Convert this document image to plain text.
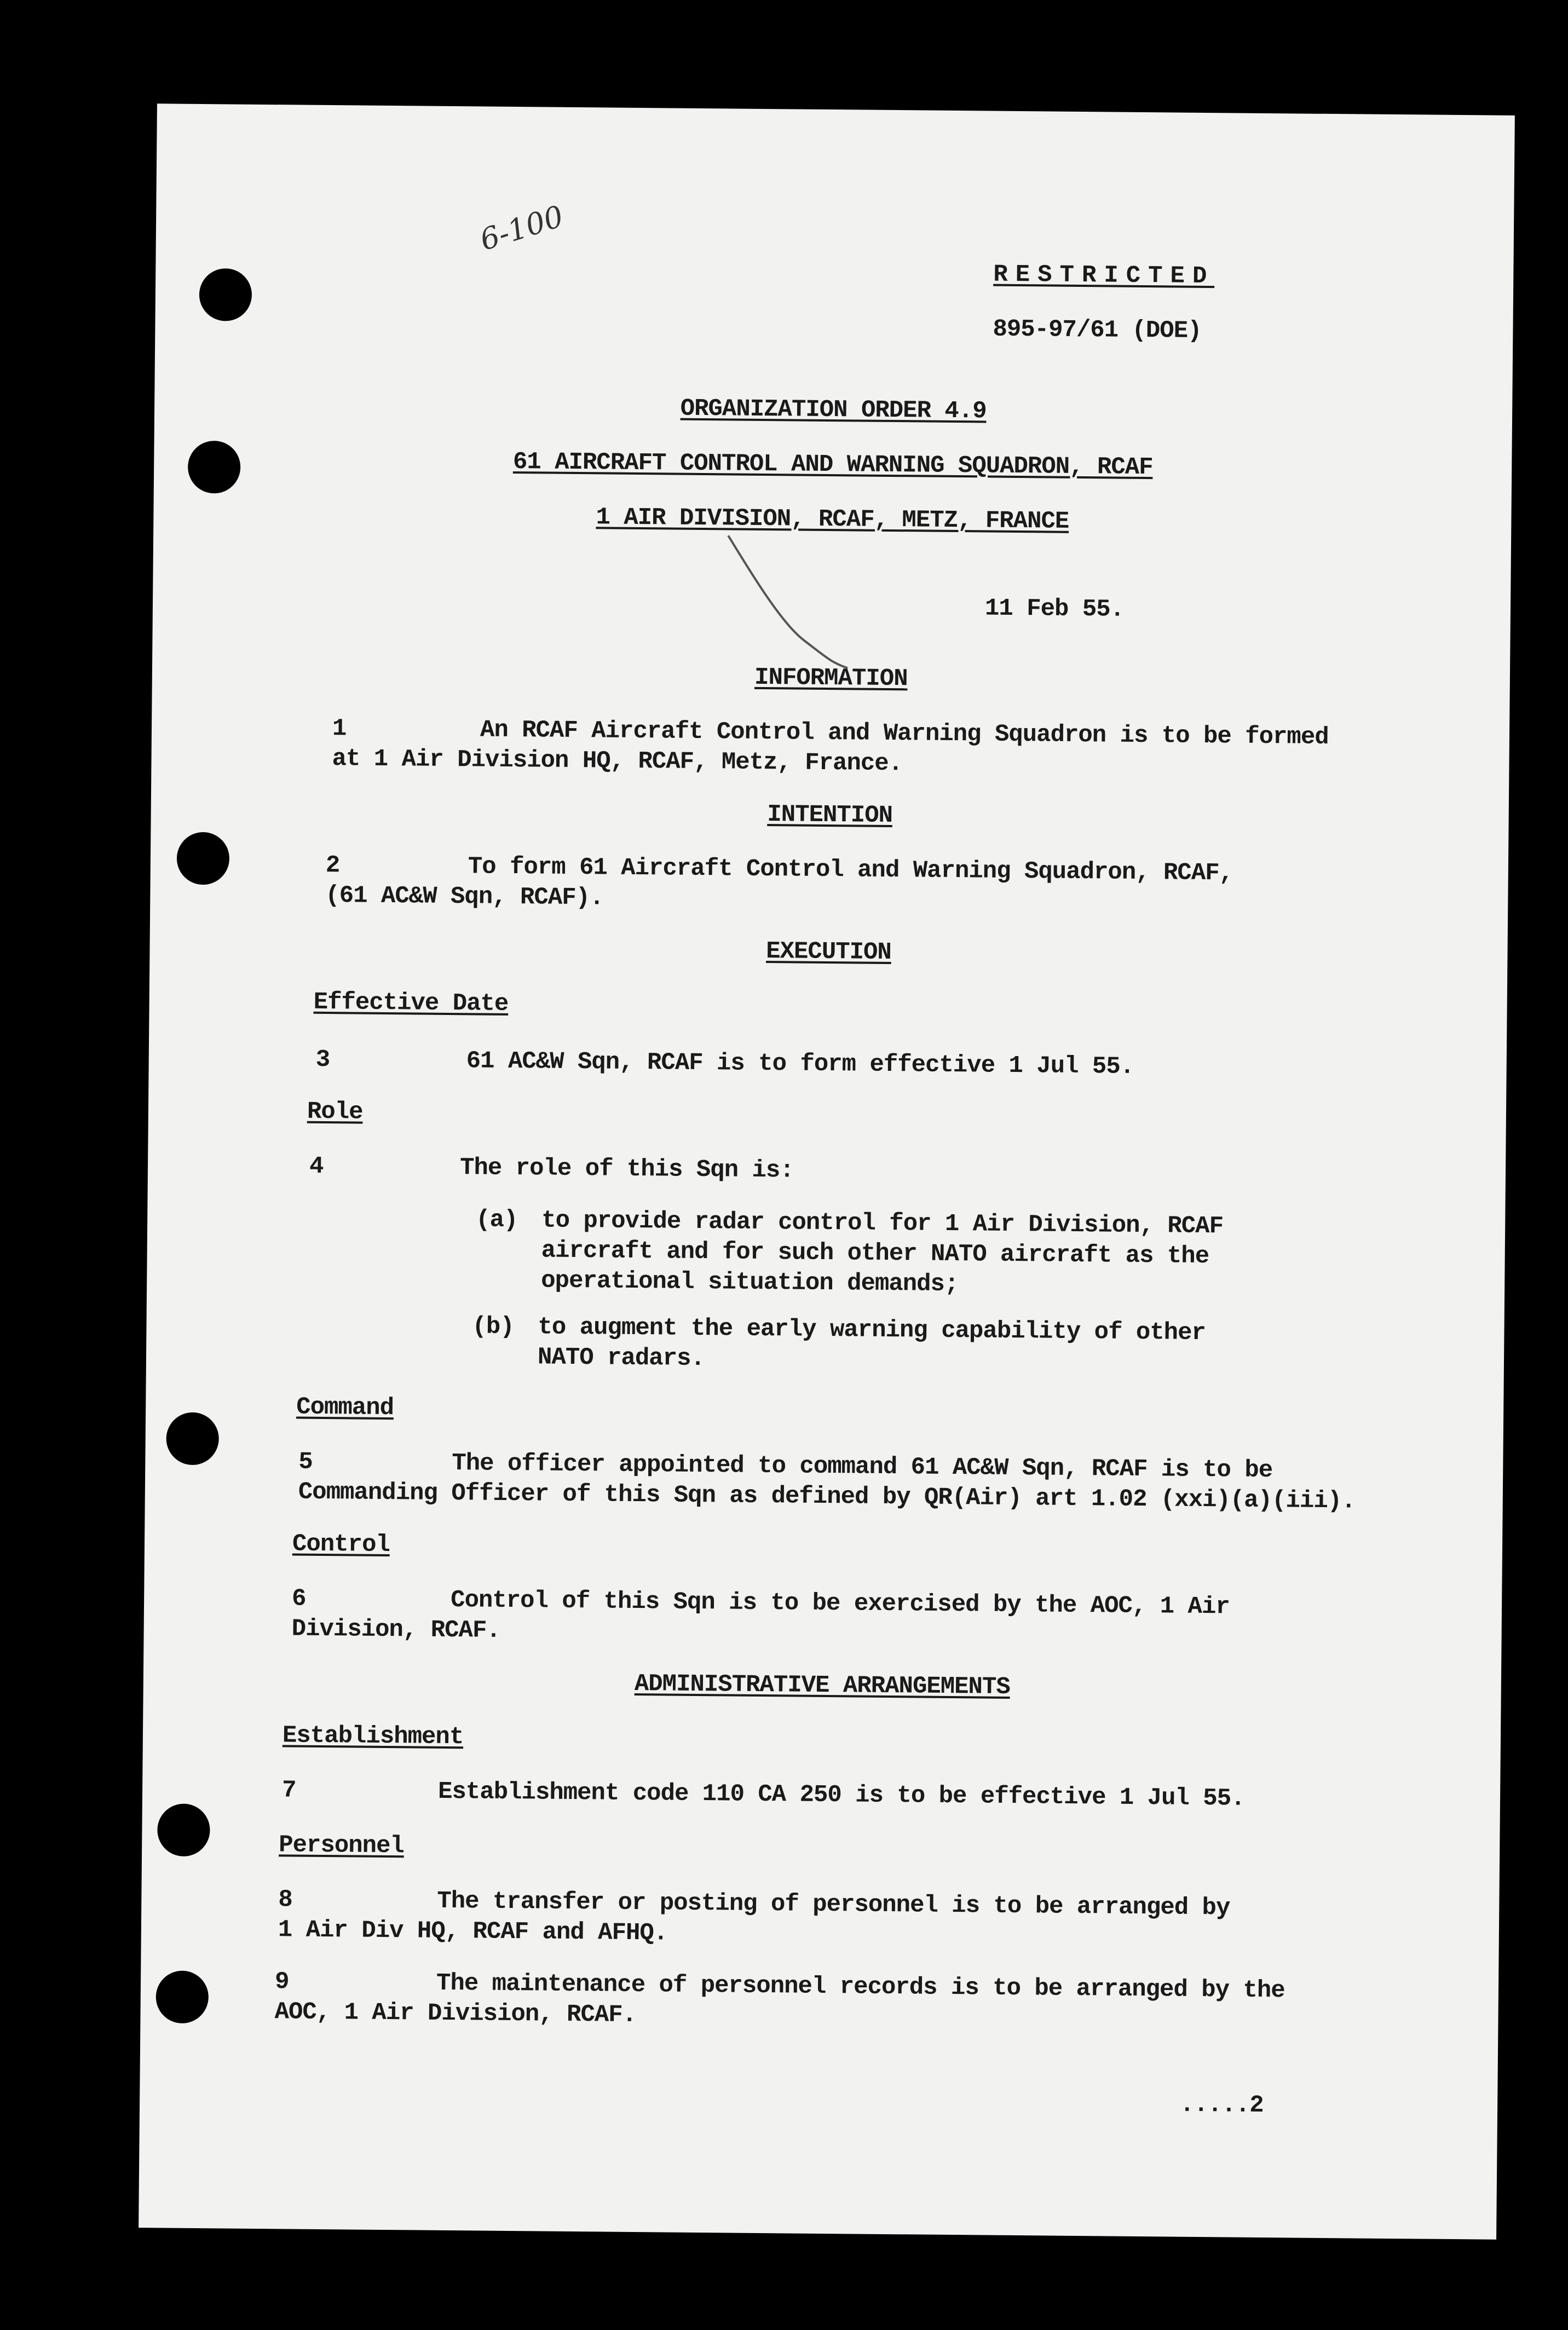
6-100
RESTRICTED
895-97/61 (DOE)
ORGANIZATION ORDER 4.9
61 AIRCRAFT CONTROL AND WARNING SQUADRON, RCAF
1 AIR DIVISION, RCAF, METZ, FRANCE
11 Feb 55.
INFORMATION
1	An RCAF Aircraft Control and Warning Squadron is to be formed
at 1 Air Division HQ, RCAF, Metz, France.
INTENTION
2	To form 61 Aircraft Control and Warning Squadron, RCAF,
(61 AC&W Sqn, RCAF).
EXECUTION
Effective Date
3	61 AC&W Sqn, RCAF is to form effective 1 Jul 55.
Role
4	The role of this Sqn is:
(a) to provide radar control for 1 Air Division, RCAF
aircraft and for such other NATO aircraft as the
operational situation demands;
(b) to augment the early warning capability of other
NATO radars.
Command
5	The officer appointed to command 61 AC&W Sqn, RCAF is to be
Commanding Officer of this Sqn as defined by QR(Air) art 1.02 (xxi)(a)(iii).
Control
6	Control of this Sqn is to be exercised by the AOC, 1 Air
Division, RCAF.
ADMINISTRATIVE ARRANGEMENTS
Establishment
7	Establishment code 110 CA 250 is to be effective 1 Jul 55.
Personnel
8	The transfer or posting of personnel is to be arranged by
1 Air Div HQ, RCAF and AFHQ.
9	The maintenance of personnel records is to be arranged by the
AOC, 1 Air Division, RCAF.
.....2
